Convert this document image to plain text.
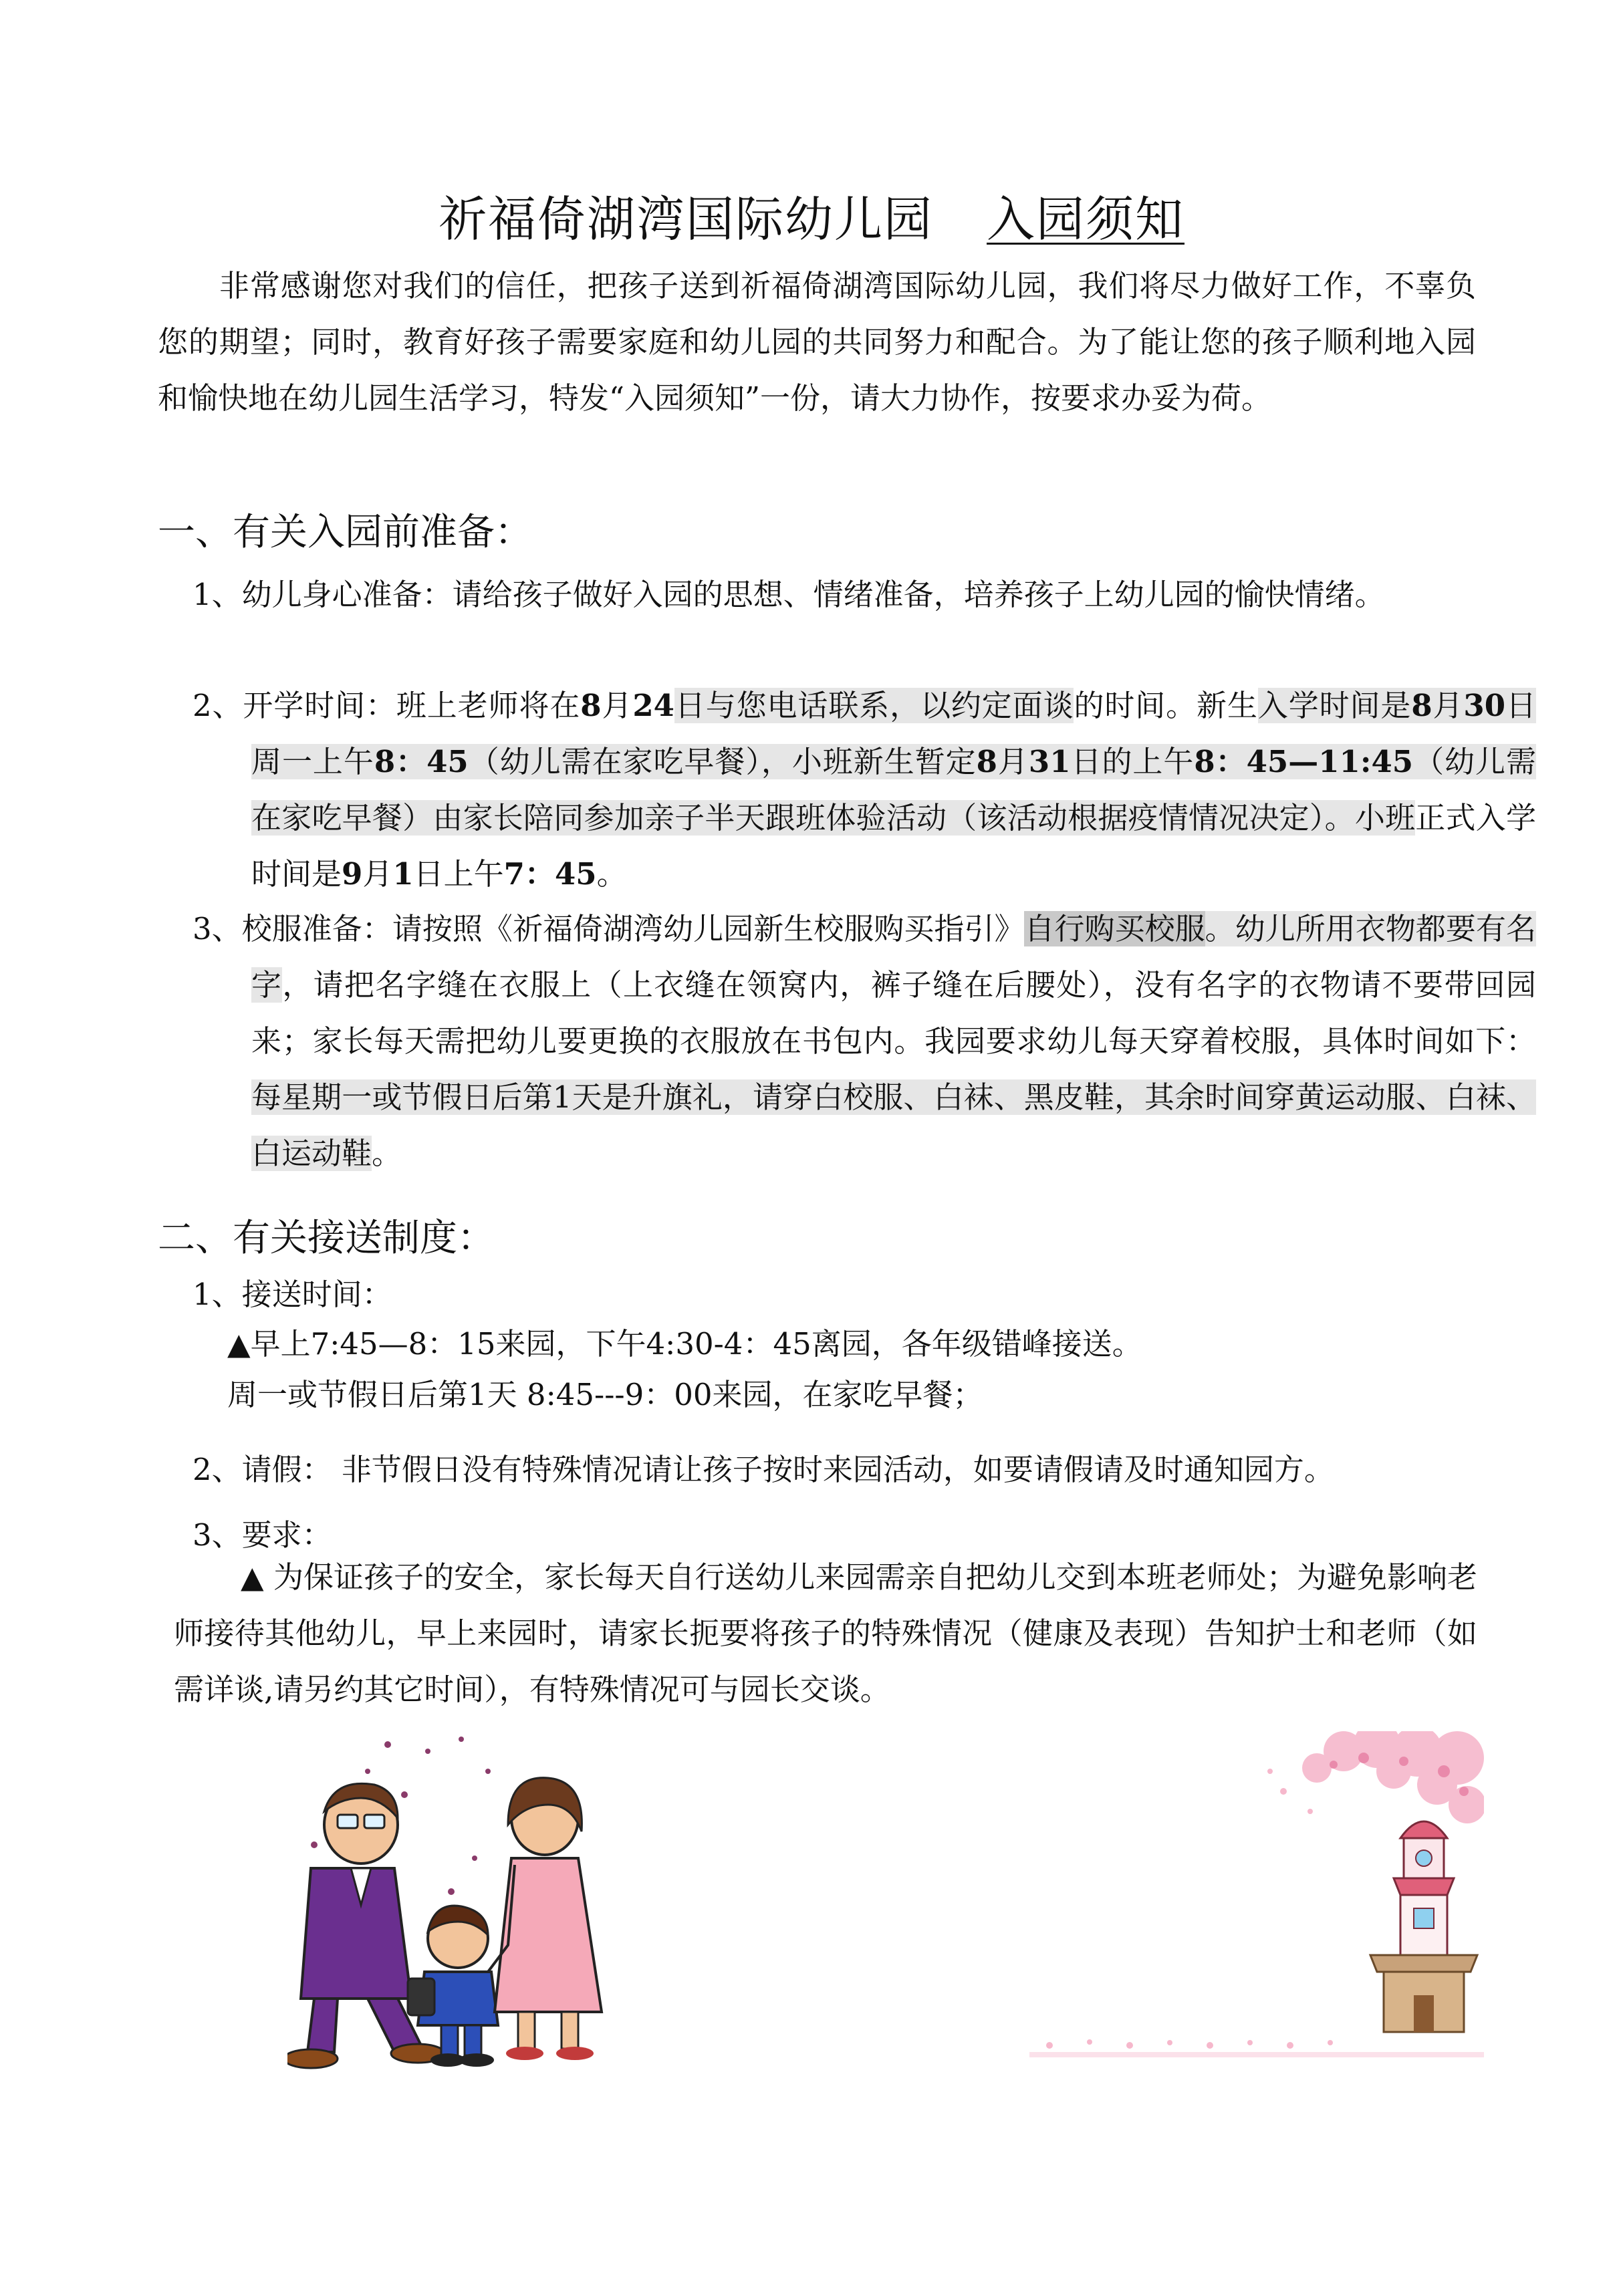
祈福倚湖湾国际幼儿园 入园须知
非常感谢您对我们的信任，把孩子送到祈福倚湖湾国际幼儿园，我们将尽力做好工作，不辜负您的期望；同时，教育好孩子需要家庭和幼儿园的共同努力和配合。为了能让您的孩子顺利地入园和愉快地在幼儿园生活学习，特发“入园须知”一份，请大力协作，按要求办妥为荷。
一、有关入园前准备：
1、幼儿身心准备：请给孩子做好入园的思想、情绪准备，培养孩子上幼儿园的愉快情绪。
2、开学时间：班上老师将在8月24日与您电话联系，以约定面谈的时间。新生入学时间是8月30日周一上午8：45（幼儿需在家吃早餐），小班新生暂定8月31日的上午8：45—11:45（幼儿需在家吃早餐）由家长陪同参加亲子半天跟班体验活动（该活动根据疫情情况决定）。小班正式入学时间是9月1日上午7：45。
3、校服准备：请按照《祈福倚湖湾幼儿园新生校服购买指引》自行购买校服。幼儿所用衣物都要有名字，请把名字缝在衣服上（上衣缝在领窝内，裤子缝在后腰处），没有名字的衣物请不要带回园来；家长每天需把幼儿要更换的衣服放在书包内。我园要求幼儿每天穿着校服，具体时间如下：每星期一或节假日后第1天是升旗礼，请穿白校服、白袜、黑皮鞋，其余时间穿黄运动服、白袜、白运动鞋。
二、有关接送制度：
1、接送时间：
▲早上7:45—8：15来园，下午4:30-4：45离园，各年级错峰接送。
周一或节假日后第1天 8:45---9：00来园，在家吃早餐；
2、请假： 非节假日没有特殊情况请让孩子按时来园活动，如要请假请及时通知园方。
3、要求：
▲ 为保证孩子的安全，家长每天自行送幼儿来园需亲自把幼儿交到本班老师处；为避免影响老师接待其他幼儿，早上来园时，请家长扼要将孩子的特殊情况（健康及表现）告知护士和老师（如需详谈,请另约其它时间），有特殊情况可与园长交谈。
